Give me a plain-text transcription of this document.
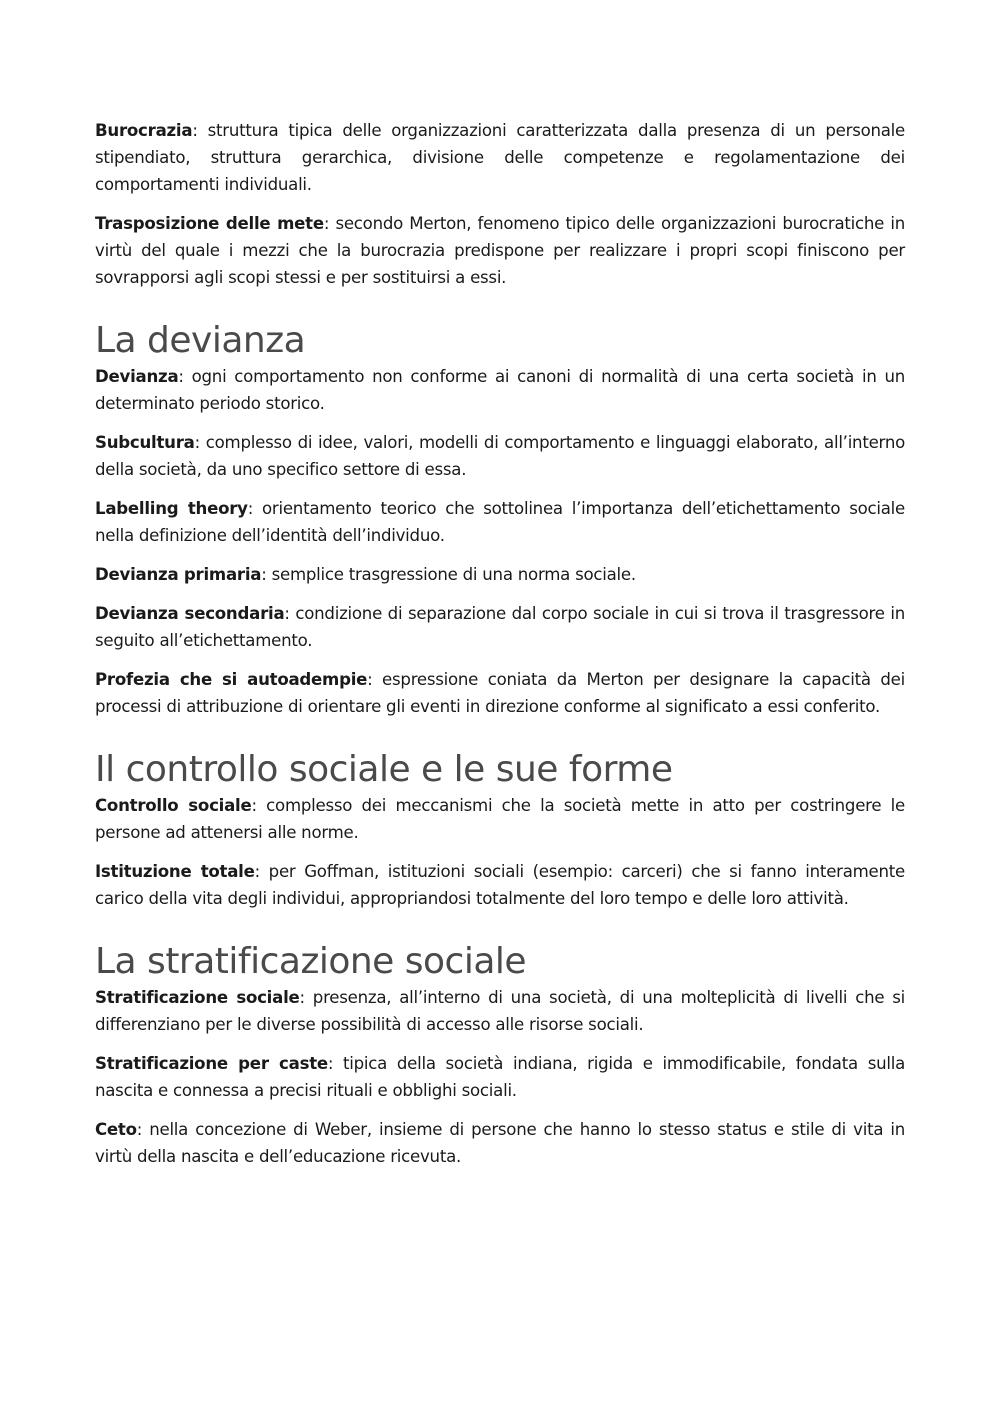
Burocrazia: struttura tipica delle organizzazioni caratterizzata dalla presenza di un personale stipendiato, struttura gerarchica, divisione delle competenze e regolamentazione dei comportamenti individuali.

Trasposizione delle mete: secondo Merton, fenomeno tipico delle organizzazioni burocratiche in virtù del quale i mezzi che la burocrazia predispone per realizzare i propri scopi finiscono per sovrapporsi agli scopi stessi e per sostituirsi a essi.

La devianza

Devianza: ogni comportamento non conforme ai canoni di normalità di una certa società in un determinato periodo storico.

Subcultura: complesso di idee, valori, modelli di comportamento e linguaggi elaborato, all’interno della società, da uno specifico settore di essa.

Labelling theory: orientamento teorico che sottolinea l’importanza dell’etichettamento sociale nella definizione dell’identità dell’individuo.

Devianza primaria: semplice trasgressione di una norma sociale.

Devianza secondaria: condizione di separazione dal corpo sociale in cui si trova il trasgressore in seguito all’etichettamento.

Profezia che si autoadempie: espressione coniata da Merton per designare la capacità dei processi di attribuzione di orientare gli eventi in direzione conforme al significato a essi conferito.

Il controllo sociale e le sue forme

Controllo sociale: complesso dei meccanismi che la società mette in atto per costringere le persone ad attenersi alle norme.

Istituzione totale: per Goffman, istituzioni sociali (esempio: carceri) che si fanno interamente carico della vita degli individui, appropriandosi totalmente del loro tempo e delle loro attività.

La stratificazione sociale

Stratificazione sociale: presenza, all’interno di una società, di una molteplicità di livelli che si differenziano per le diverse possibilità di accesso alle risorse sociali.

Stratificazione per caste: tipica della società indiana, rigida e immodificabile, fondata sulla nascita e connessa a precisi rituali e obblighi sociali.

Ceto: nella concezione di Weber, insieme di persone che hanno lo stesso status e stile di vita in virtù della nascita e dell’educazione ricevuta.
